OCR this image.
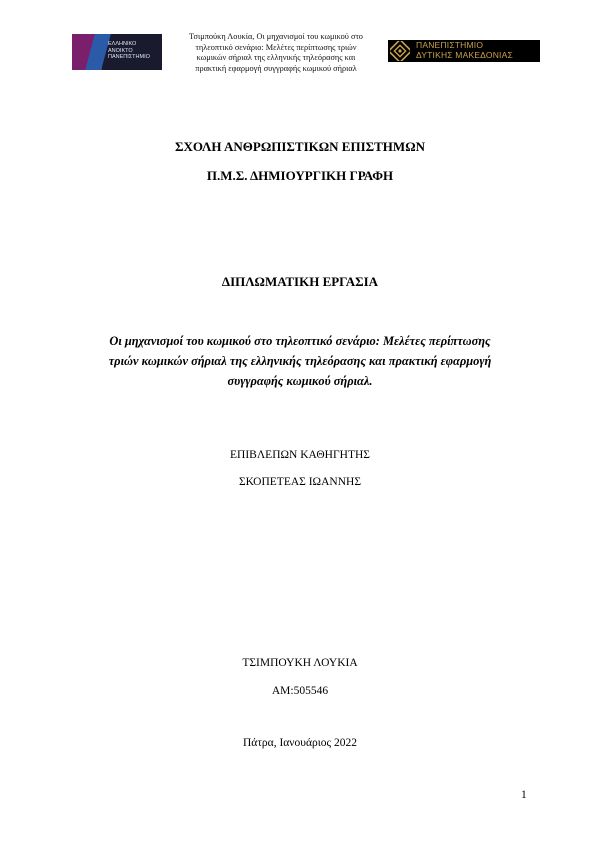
ΕΛΛΗΝΙΚΟ
ΑΝΟΙΚΤΟ
ΠΑΝΕΠΙΣΤΗΜΙΟ
Τσιμπούκη Λουκία, Οι μηχανισμοί του κωμικού στο
τηλεοπτικό σενάριο: Μελέτες περίπτωσης τριών
κωμικών σήριαλ της ελληνικής τηλεόρασης και
πρακτική εφαρμογή συγγραφής κωμικού σήριαλ
ΠΑΝΕΠΙΣΤΗΜΙΟ
ΔΥΤΙΚΗΣ ΜΑΚΕΔΟΝΙΑΣ
ΣΧΟΛΗ ΑΝΘΡΩΠΙΣΤΙΚΩΝ ΕΠΙΣΤΗΜΩΝ
Π.Μ.Σ. ΔΗΜΙΟΥΡΓΙΚΗ ΓΡΑΦΗ
ΔΙΠΛΩΜΑΤΙΚΗ ΕΡΓΑΣΙΑ
Οι μηχανισμοί του κωμικού στο τηλεοπτικό σενάριο: Μελέτες περίπτωσης
τριών κωμικών σήριαλ της ελληνικής τηλεόρασης και πρακτική εφαρμογή
συγγραφής κωμικού σήριαλ.
ΕΠΙΒΛΕΠΩΝ ΚΑΘΗΓΗΤΗΣ
ΣΚΟΠΕΤΕΑΣ ΙΩΑΝΝΗΣ
ΤΣΙΜΠΟΥΚΗ ΛΟΥΚΙΑ
ΑΜ:505546
Πάτρα, Ιανουάριος 2022
1
